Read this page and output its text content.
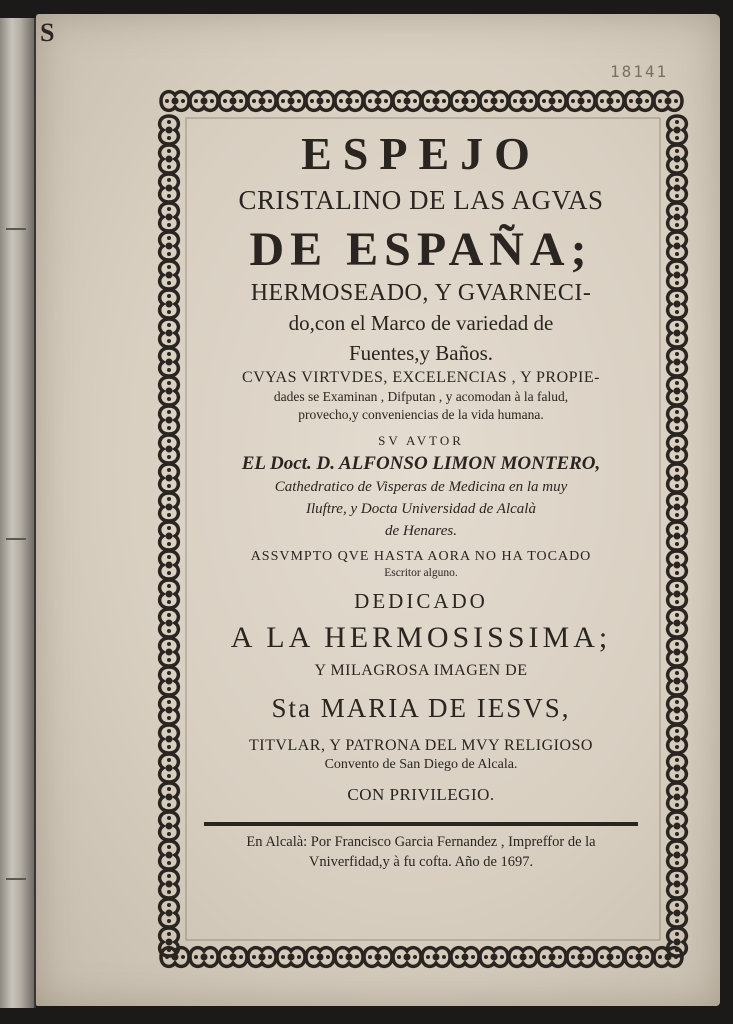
S
18141
ESPEJO
CRISTALINO DE LAS AGVAS
DE ESPAÑA;
HERMOSEADO, Y GVARNECI-
do,con el Marco de variedad de
Fuentes,y Baños.
CVYAS VIRTVDES, EXCELENCIAS , Y PROPIE-
dades se Examinan , Difputan , y acomodan à la falud,
provecho,y conveniencias de la vida humana.
SV AVTOR
EL Doct. D. ALFONSO LIMON MONTERO,
Cathedratico de Visperas de Medicina en la muy
Iluftre, y Docta Universidad de Alcalà
de Henares.
ASSVMPTO QVE HASTA AORA NO HA TOCADO
Escritor alguno.
DEDICADO
A LA HERMOSISSIMA;
Y MILAGROSA IMAGEN DE
Sta MARIA DE IESVS,
TITVLAR, Y PATRONA DEL MVY RELIGIOSO
Convento de San Diego de Alcala.
CON PRIVILEGIO.
En Alcalà: Por Francisco Garcia Fernandez , Impreffor de la
Vniverfidad,y à fu cofta. Año de 1697.
